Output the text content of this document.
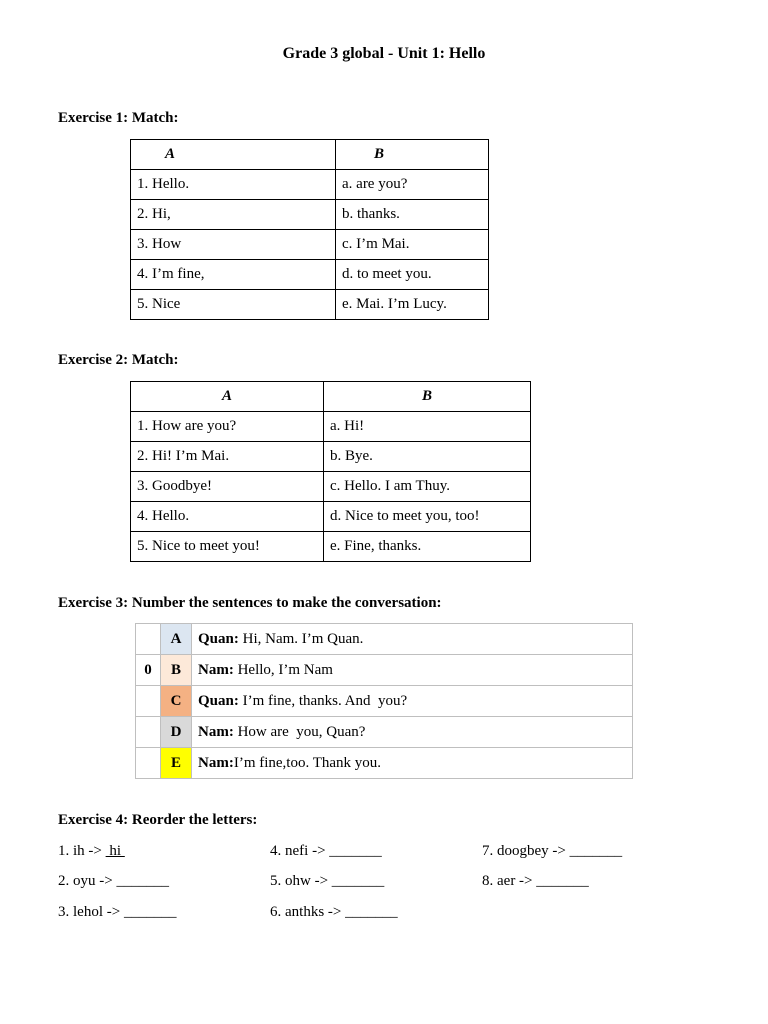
Grade 3 global - Unit 1: Hello
Exercise 1: Match:
A	B
1. Hello.	a. are you?
2. Hi,	b. thanks.
3. How	c. I’m Mai.
4. I’m fine,	d. to meet you.
5. Nice	e. Mai. I’m Lucy.
Exercise 2: Match:
A	B
1. How are you?	a. Hi!
2. Hi! I’m Mai.	b. Bye.
3. Goodbye!	c. Hello. I am Thuy.
4. Hello.	d. Nice to meet you, too!
5. Nice to meet you!	e. Fine, thanks.
Exercise 3: Number the sentences to make the conversation:
	A	Quan: Hi, Nam. I’m Quan.
0	B	Nam: Hello, I’m Nam
	C	Quan: I’m fine, thanks. And  you?
	D	Nam: How are  you, Quan?
	E	Nam:I’m fine,too. Thank you.
Exercise 4: Reorder the letters:
1. ih ->  hi
2. oyu -> _______
3. lehol -> _______
4. nefi -> _______
5. ohw -> _______
6. anthks -> _______
7. doogbey -> _______
8. aer -> _______
